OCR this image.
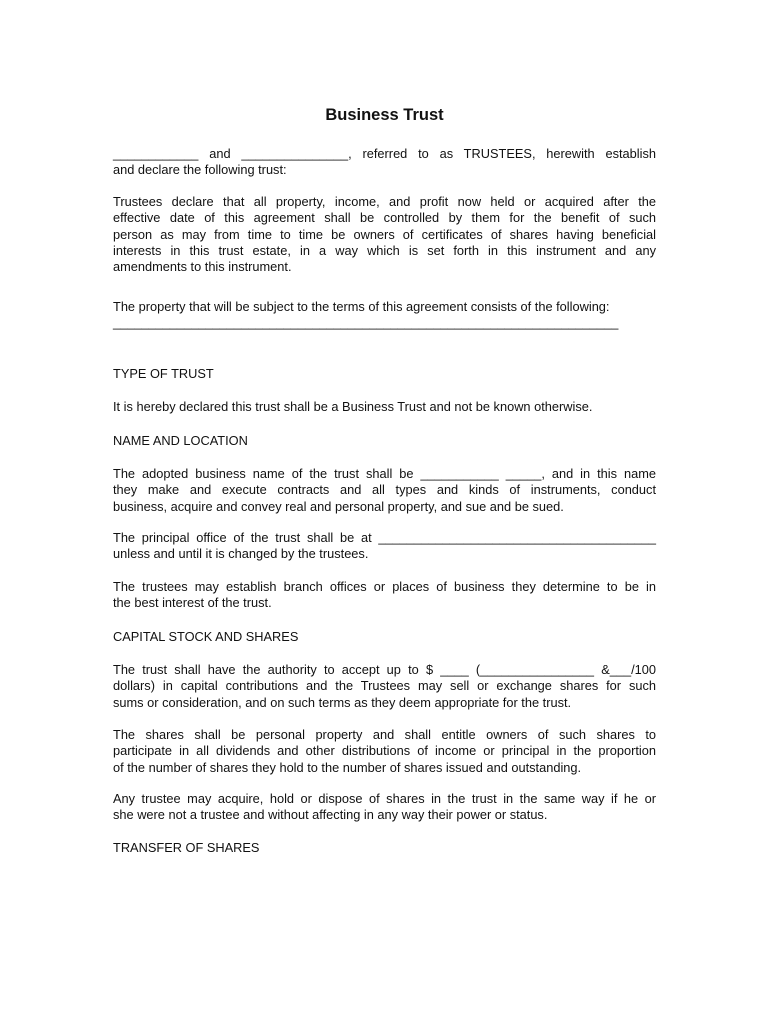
Business Trust

____________ and _______________, referred to as TRUSTEES, herewith establish
and declare the following trust:

Trustees declare that all property, income, and profit now held or acquired after the
effective date of this agreement shall be controlled by them for the benefit of such
person as may from time to time be owners of certificates of shares having beneficial
interests in this trust estate, in a way which is set forth in this instrument and any
amendments to this instrument.

The property that will be subject to the terms of this agreement consists of the following:
_______________________________________________________________________

TYPE OF TRUST

It is hereby declared this trust shall be a Business Trust and not be known otherwise.

NAME AND LOCATION

The adopted business name of the trust shall be ___________ _____, and in this name
they make and execute contracts and all types and kinds of instruments, conduct
business, acquire and convey real and personal property, and sue and be sued.

The principal office of the trust shall be at _______________________________________
unless and until it is changed by the trustees.

The trustees may establish branch offices or places of business they determine to be in
the best interest of the trust.

CAPITAL STOCK AND SHARES

The trust shall have the authority to accept up to $ ____ (________________ &___/100
dollars) in capital contributions and the Trustees may sell or exchange shares for such
sums or consideration, and on such terms as they deem appropriate for the trust.

The shares shall be personal property and shall entitle owners of such shares to
participate in all dividends and other distributions of income or principal in the proportion
of the number of shares they hold to the number of shares issued and outstanding.

Any trustee may acquire, hold or dispose of shares in the trust in the same way if he or
she were not a trustee and without affecting in any way their power or status.

TRANSFER OF SHARES
